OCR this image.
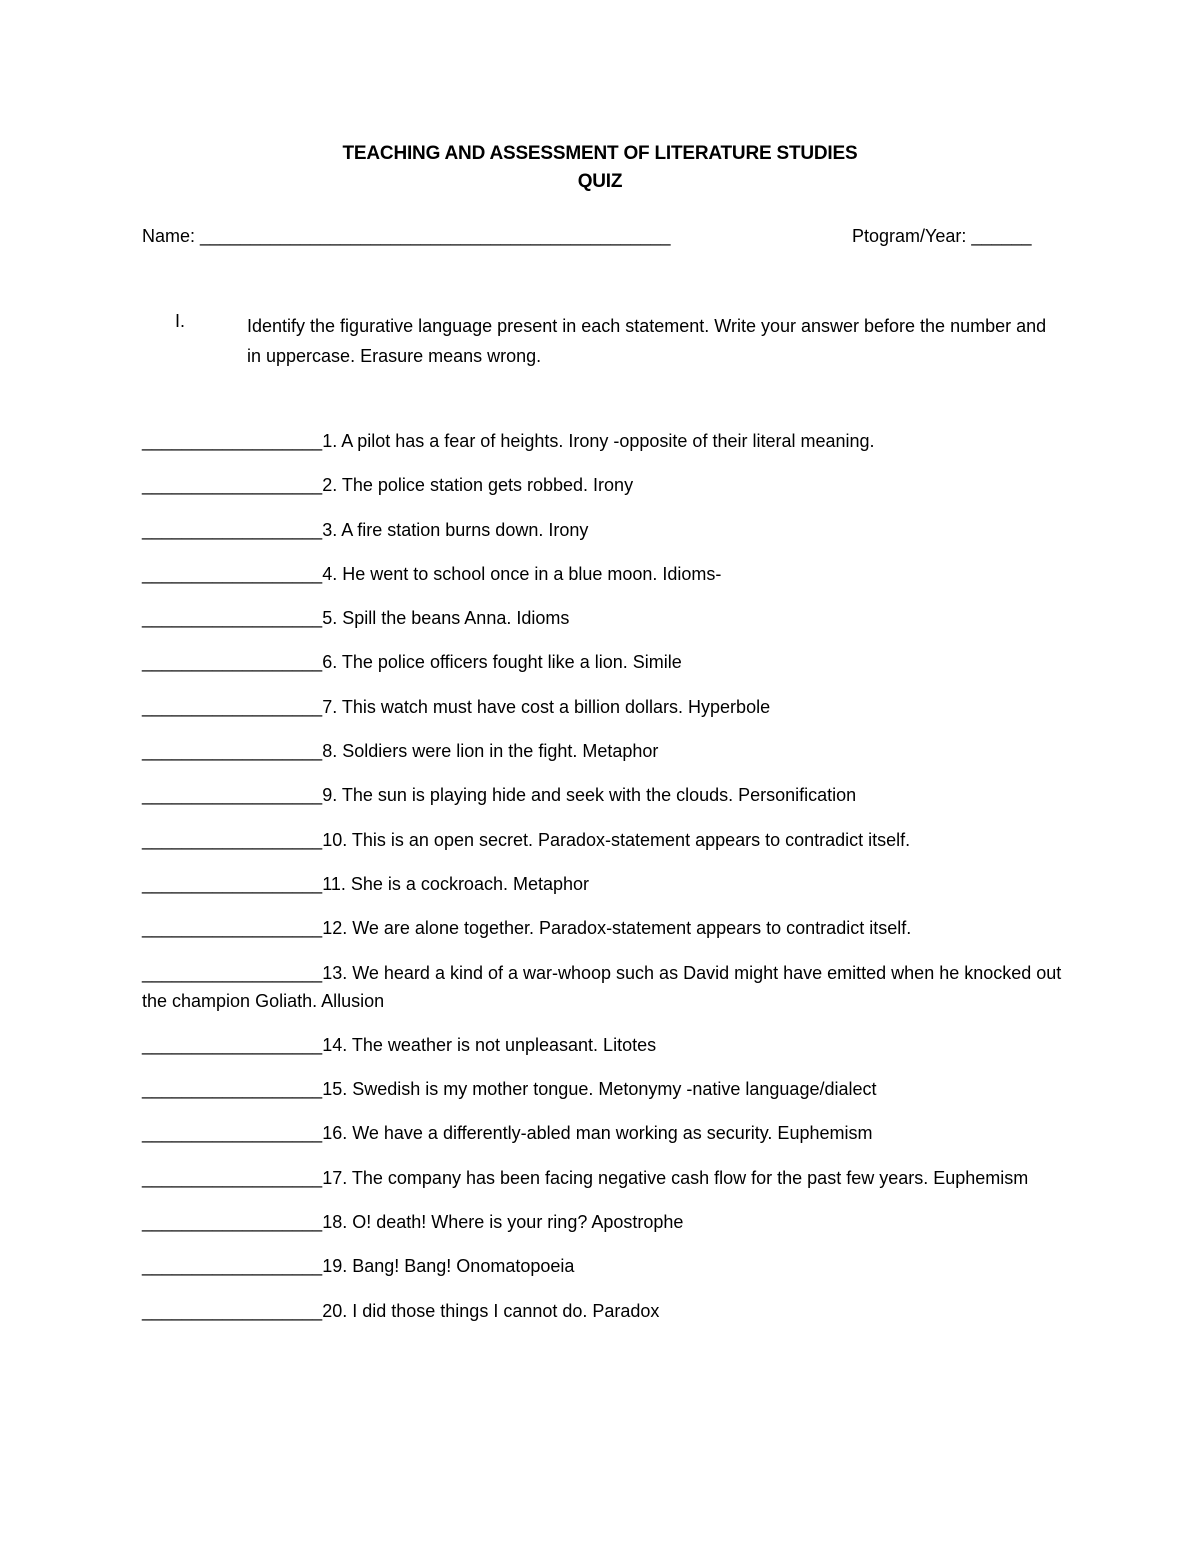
TEACHING AND ASSESSMENT OF LITERATURE STUDIES
QUIZ
Name: _______________________________________________	Ptogram/Year: ______
I.	Identify the figurative language present in each statement. Write your answer before the number and in uppercase. Erasure means wrong.
__________________1. A pilot has a fear of heights. Irony -opposite of their literal meaning.
__________________2. The police station gets robbed. Irony
__________________3. A fire station burns down. Irony
__________________4. He went to school once in a blue moon. Idioms-
__________________5. Spill the beans Anna. Idioms
__________________6. The police officers fought like a lion. Simile
__________________7. This watch must have cost a billion dollars. Hyperbole
__________________8. Soldiers were lion in the fight. Metaphor
__________________9. The sun is playing hide and seek with the clouds. Personification
__________________10. This is an open secret. Paradox-statement appears to contradict itself.
__________________11. She is a cockroach. Metaphor
__________________12. We are alone together. Paradox-statement appears to contradict itself.
__________________13. We heard a kind of a war-whoop such as David might have emitted when he knocked out the champion Goliath. Allusion
__________________14. The weather is not unpleasant. Litotes
__________________15. Swedish is my mother tongue. Metonymy -native language/dialect
__________________16. We have a differently-abled man working as security. Euphemism
__________________17. The company has been facing negative cash flow for the past few years. Euphemism
__________________18. O! death! Where is your ring? Apostrophe
__________________19. Bang! Bang! Onomatopoeia
__________________20. I did those things I cannot do. Paradox
